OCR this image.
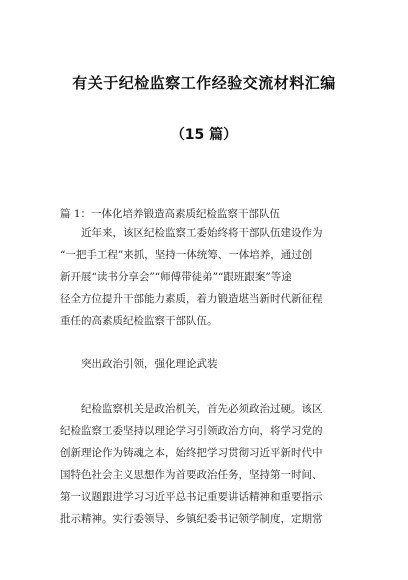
有关于纪检监察工作经验交流材料汇编
（15 篇）
篇 1：一体化培养锻造高素质纪检监察干部队伍
近年来，该区纪检监察工委始终将干部队伍建设作为
“一把手工程”来抓，坚持一体统筹、一体培养，通过创
新开展“读书分享会”“师傅带徒弟”“跟班跟案”等途
径全方位提升干部能力素质，着力锻造堪当新时代新征程
重任的高素质纪检监察干部队伍。
突出政治引领，强化理论武装
纪检监察机关是政治机关，首先必须政治过硬。该区
纪检监察工委坚持以理论学习引领政治方向，将学习党的
创新理论作为铸魂之本，始终把学习贯彻习近平新时代中
国特色社会主义思想作为首要政治任务，坚持第一时间、
第一议题跟进学习习近平总书记重要讲话精神和重要指示
批示精神。实行委领导、乡镇纪委书记领学制度，定期常
